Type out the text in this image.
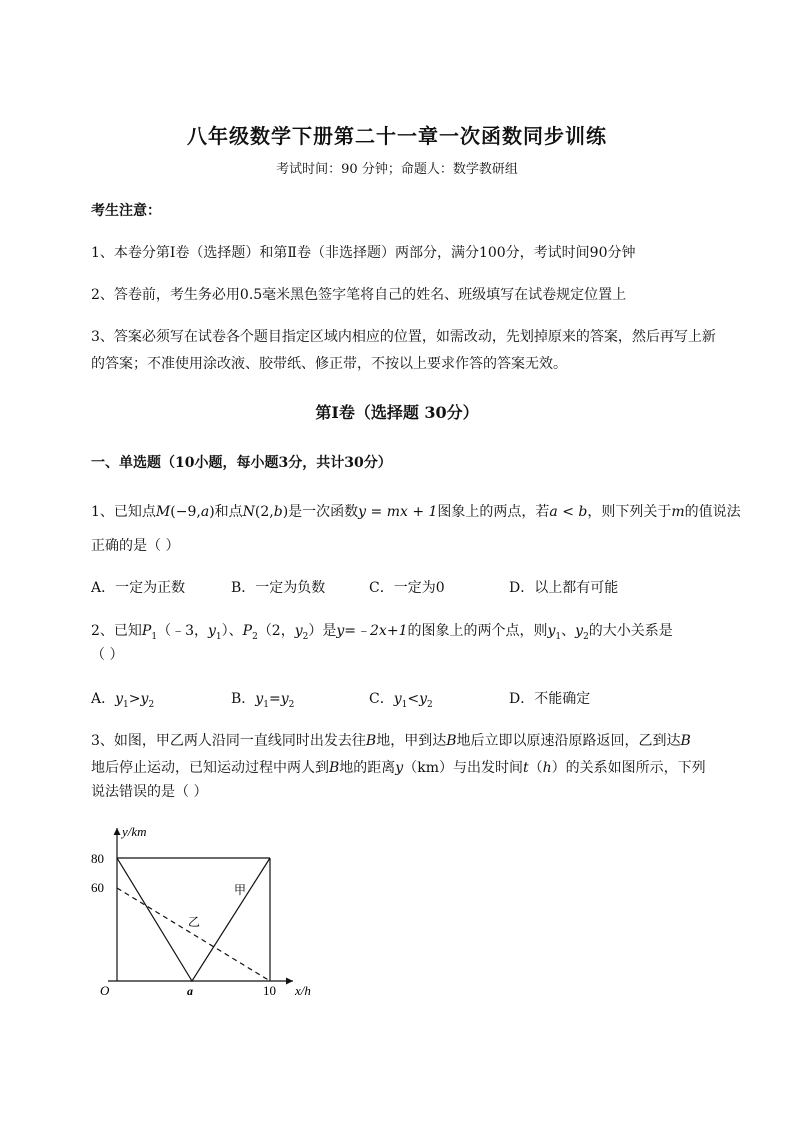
八年级数学下册第二十一章一次函数同步训练
考试时间：90 分钟；命题人：数学教研组
考生注意：
1、本卷分第Ⅰ卷（选择题）和第Ⅱ卷（非选择题）两部分，满分100分，考试时间90分钟
2、答卷前，考生务必用0.5毫米黑色签字笔将自己的姓名、班级填写在试卷规定位置上
3、答案必须写在试卷各个题目指定区域内相应的位置，如需改动，先划掉原来的答案，然后再写上新
的答案；不准使用涂改液、胶带纸、修正带，不按以上要求作答的答案无效。
第Ⅰ卷（选择题 30分）
一、单选题（10小题，每小题3分，共计30分）
1、已知点M(−9,a)和点N(2,b)是一次函数y = mx + 1图象上的两点，若a < b，则下列关于m的值说法
正确的是（ ）
A．一定为正数	B．一定为负数	C．一定为0	D．以上都有可能
2、已知$P_1(﹣3$，$y_1$）、$P_2(2$，$y_2$）是y=﹣2x+1的图象上的两个点，则$y_1$、$y_2$的大小关系是
（ ）
A．$y_1>y_2$	B．$y_1=y_2$	C．$y_1<y_2$	D．不能确定
3、如图，甲乙两人沿同一直线同时出发去往B地，甲到达B地后立即以原速沿原路返回，乙到达B
地后停止运动，已知运动过程中两人到B地的距离y（km）与出发时间t（h）的关系如图所示，下列
说法错误的是（ ）
y/km
x/h
O
80
60
a	10
甲
乙
